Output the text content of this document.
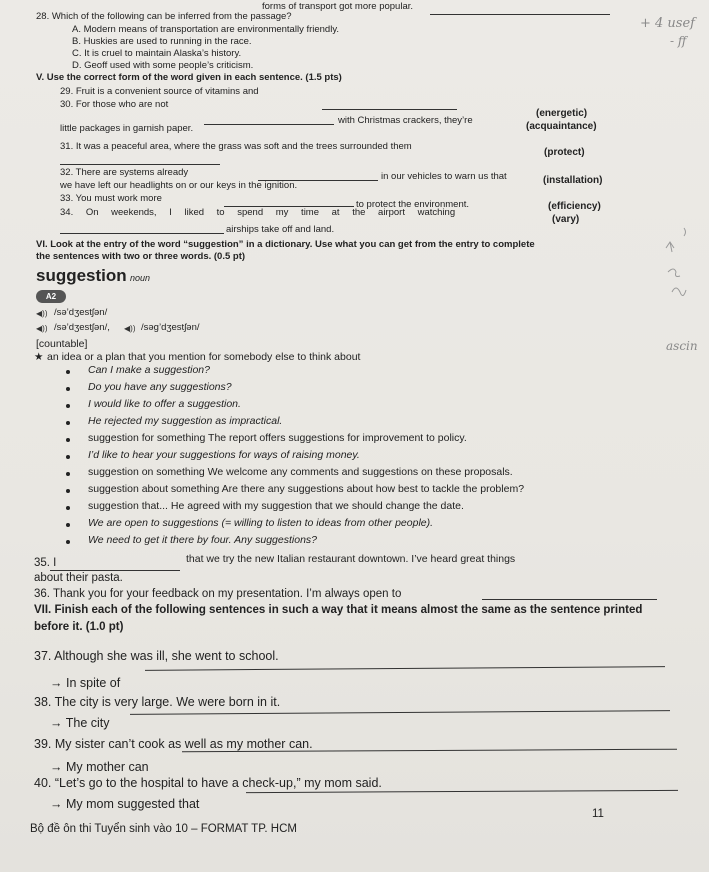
forms of transport got more popular.
28. Which of the following can be inferred from the passage?
A. Modern means of transportation are environmentally friendly.
B. Huskies are used to running in the race.
C. It is cruel to maintain Alaska’s history.
D. Geoff used with some people’s criticism.
V. Use the correct form of the word given in each sentence. (1.5 pts)
29. Fruit is a convenient source of vitamins and
(energetic)
30. For those who are not
with Christmas crackers, they’re
(acquaintance)
little packages in garnish paper.
31. It was a peaceful area, where the grass was soft and the trees surrounded them
(protect)
32. There are systems already	in our vehicles to warn us that	(installation)
we have left our headlights on or our keys in the ignition.
33. You must work more
to protect the environment.	(efficiency)
34. On weekends, I liked to spend my time at the airport watching
(vary)
airships take off and land.
VI. Look at the entry of the word “suggestion” in a dictionary. Use what you can get from the entry to complete
the sentences with two or three words. (0.5 pt)
suggestion noun
A2
◀)) /sə’dʒestʃən/
◀)) /sə’dʒestʃən/, ◀)) /səg’dʒestʃən/
[countable]
★ an idea or a plan that you mention for somebody else to think about
Can I make a suggestion?
Do you have any suggestions?
I would like to offer a suggestion.
He rejected my suggestion as impractical.
suggestion for something The report offers suggestions for improvement to policy.
I’d like to hear your suggestions for ways of raising money.
suggestion on something We welcome any comments and suggestions on these proposals.
suggestion about something Are there any suggestions about how best to tackle the problem?
suggestion that... He agreed with my suggestion that we should change the date.
We are open to suggestions (= willing to listen to ideas from other people).
We need to get it there by four. Any suggestions?
35. I	that we try the new Italian restaurant downtown. I’ve heard great things
about their pasta.
36. Thank you for your feedback on my presentation. I’m always open to
VII. Finish each of the following sentences in such a way that it means almost the same as the sentence printed
before it. (1.0 pt)
37. Although she was ill, she went to school.
→ In spite of
38. The city is very large. We were born in it.
→ The city
39. My sister can’t cook as well as my mother can.
→ My mother can
40. “Let’s go to the hospital to have a check-up,” my mom said.
→ My mom suggested that
11
Bộ đề ôn thi Tuyển sinh vào 10 – FORMAT TP. HCM
+ 4 usef
- ff
ascin
